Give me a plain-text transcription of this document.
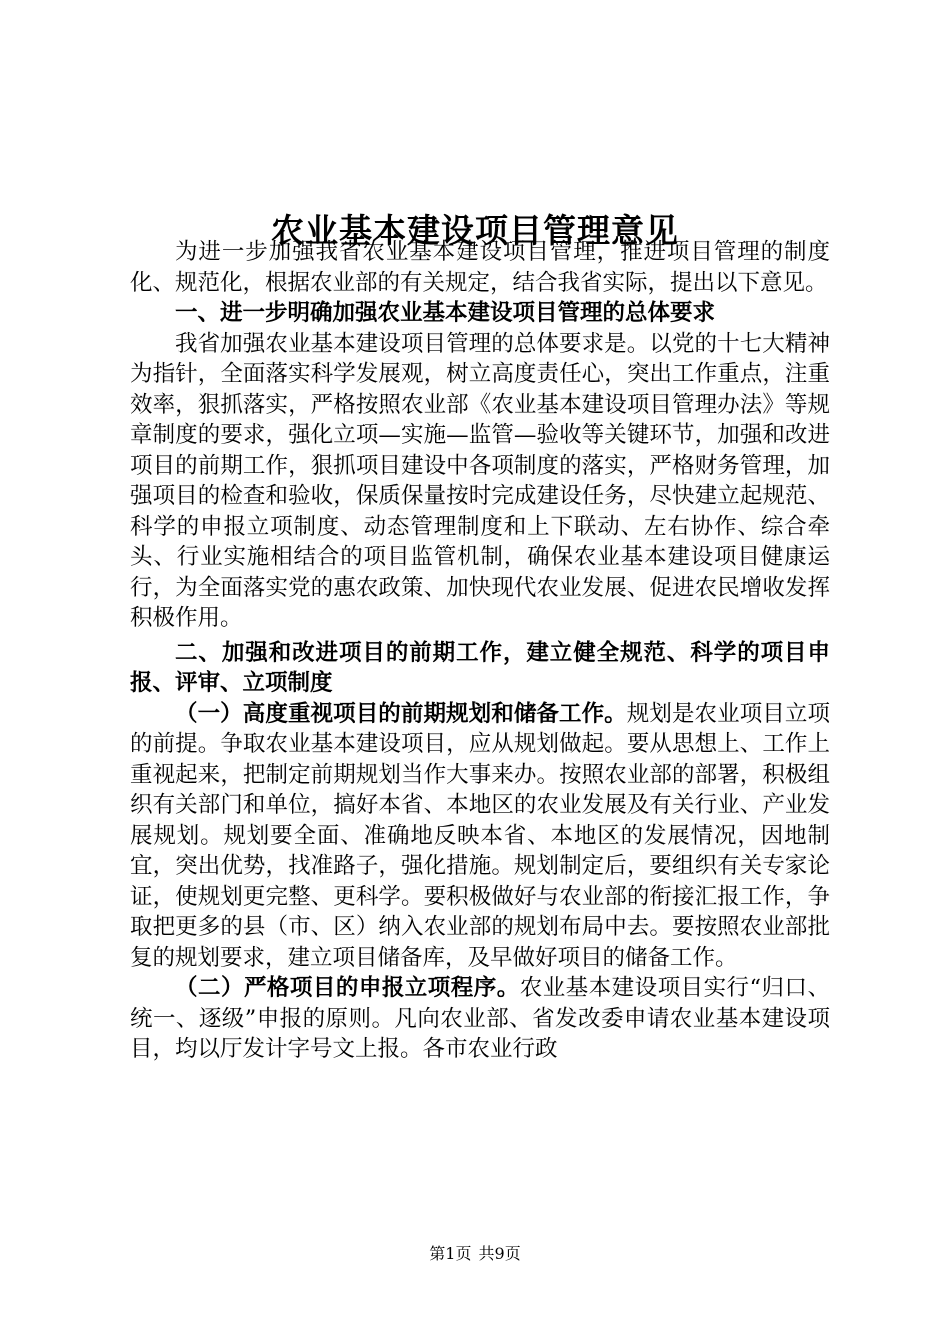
农业基本建设项目管理意见

为进一步加强我省农业基本建设项目管理，推进项目管理的制度化、规范化，根据农业部的有关规定，结合我省实际，提出以下意见。

一、进一步明确加强农业基本建设项目管理的总体要求

我省加强农业基本建设项目管理的总体要求是。以党的十七大精神为指针，全面落实科学发展观，树立高度责任心，突出工作重点，注重效率，狠抓落实，严格按照农业部《农业基本建设项目管理办法》等规章制度的要求，强化立项—实施—监管—验收等关键环节，加强和改进项目的前期工作，狠抓项目建设中各项制度的落实，严格财务管理，加强项目的检查和验收，保质保量按时完成建设任务，尽快建立起规范、科学的申报立项制度、动态管理制度和上下联动、左右协作、综合牵头、行业实施相结合的项目监管机制，确保农业基本建设项目健康运行，为全面落实党的惠农政策、加快现代农业发展、促进农民增收发挥积极作用。

二、加强和改进项目的前期工作，建立健全规范、科学的项目申报、评审、立项制度

（一）高度重视项目的前期规划和储备工作。规划是农业项目立项的前提。争取农业基本建设项目，应从规划做起。要从思想上、工作上重视起来，把制定前期规划当作大事来办。按照农业部的部署，积极组织有关部门和单位，搞好本省、本地区的农业发展及有关行业、产业发展规划。规划要全面、准确地反映本省、本地区的发展情况，因地制宜，突出优势，找准路子，强化措施。规划制定后，要组织有关专家论证，使规划更完整、更科学。要积极做好与农业部的衔接汇报工作，争取把更多的县（市、区）纳入农业部的规划布局中去。要按照农业部批复的规划要求，建立项目储备库，及早做好项目的储备工作。

（二）严格项目的申报立项程序。农业基本建设项目实行“归口、统一、逐级”申报的原则。凡向农业部、省发改委申请农业基本建设项目，均以厅发计字号文上报。各市农业行政

第1页 共9页
